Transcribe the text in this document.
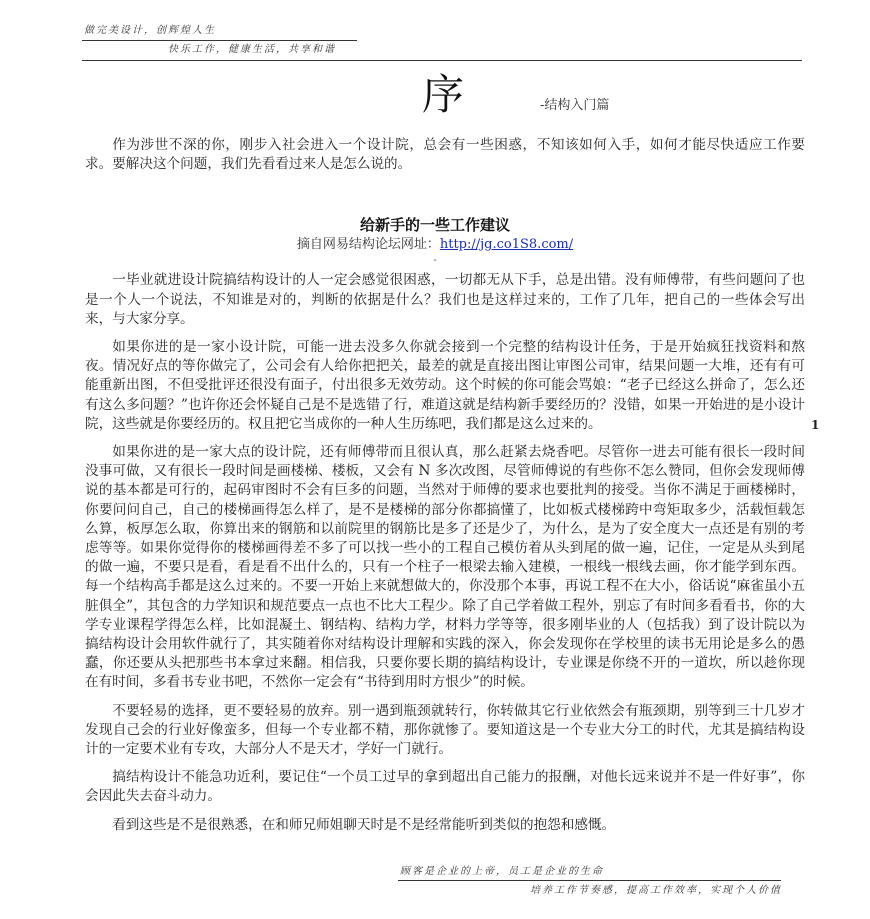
做完美设计，创辉煌人生
快乐工作，健康生活，共享和谐
序	-结构入门篇

作为涉世不深的你，刚步入社会进入一个设计院，总会有一些困惑，不知该如何入手，如何才能尽快适应工作要求。要解决这个问题，我们先看看过来人是怎么说的。

给新手的一些工作建议
摘自网易结构论坛网址：http://jg.co1S8.com/
-

一毕业就进设计院搞结构设计的人一定会感觉很困惑，一切都无从下手，总是出错。没有师傅带，有些问题问了也是一个人一个说法，不知谁是对的，判断的依据是什么？我们也是这样过来的，工作了几年，把自己的一些体会写出来，与大家分享。

如果你进的是一家小设计院，可能一进去没多久你就会接到一个完整的结构设计任务，于是开始疯狂找资料和熬夜。情况好点的等你做完了，公司会有人给你把把关，最差的就是直接出图让审图公司审，结果问题一大堆，还有有可能重新出图，不但受批评还很没有面子，付出很多无效劳动。这个时候的你可能会骂娘：“老子已经这么拼命了，怎么还有这么多问题？”也许你还会怀疑自己是不是选错了行，难道这就是结构新手要经历的？没错，如果一开始进的是小设计院，这些就是你要经历的。权且把它当成你的一种人生历练吧，我们都是这么过来的。

如果你进的是一家大点的设计院，还有师傅带而且很认真，那么赶紧去烧香吧。尽管你一进去可能有很长一段时间没事可做，又有很长一段时间是画楼梯、楼板，又会有 N 多次改图，尽管师傅说的有些你不怎么赞同，但你会发现师傅说的基本都是可行的，起码审图时不会有巨多的问题，当然对于师傅的要求也要批判的接受。当你不满足于画楼梯时，你要问问自己，自己的楼梯画得怎么样了，是不是楼梯的部分你都搞懂了，比如板式楼梯跨中弯矩取多少，活载恒载怎么算，板厚怎么取，你算出来的钢筋和以前院里的钢筋比是多了还是少了，为什么，是为了安全度大一点还是有别的考虑等等。如果你觉得你的楼梯画得差不多了可以找一些小的工程自己模仿着从头到尾的做一遍，记住，一定是从头到尾的做一遍，不要只是看，看是看不出什么的，只有一个柱子一根梁去输入建模，一根线一根线去画，你才能学到东西。每一个结构高手都是这么过来的。不要一开始上来就想做大的，你没那个本事，再说工程不在大小，俗话说“麻雀虽小五脏俱全”，其包含的力学知识和规范要点一点也不比大工程少。除了自己学着做工程外，别忘了有时间多看看书，你的大学专业课程学得怎么样，比如混凝土、钢结构、结构力学，材料力学等等，很多刚毕业的人（包括我）到了设计院以为搞结构设计会用软件就行了，其实随着你对结构设计理解和实践的深入，你会发现你在学校里的读书无用论是多么的愚蠢，你还要从头把那些书本拿过来翻。相信我，只要你要长期的搞结构设计，专业课是你绕不开的一道坎，所以趁你现在有时间，多看书专业书吧，不然你一定会有“书待到用时方恨少”的时候。

不要轻易的选择，更不要轻易的放弃。别一遇到瓶颈就转行，你转做其它行业依然会有瓶颈期，别等到三十几岁才发现自己会的行业好像蛮多，但每一个专业都不精，那你就惨了。要知道这是一个专业大分工的时代，尤其是搞结构设计的一定要术业有专攻，大部分人不是天才，学好一门就行。

搞结构设计不能急功近利，要记住“一个员工过早的拿到超出自己能力的报酬，对他长远来说并不是一件好事”，你会因此失去奋斗动力。

看到这些是不是很熟悉，在和师兄师姐聊天时是不是经常能听到类似的抱怨和感慨。

顾客是企业的上帝，员工是企业的生命
培养工作节奏感，提高工作效率，实现个人价值
1
